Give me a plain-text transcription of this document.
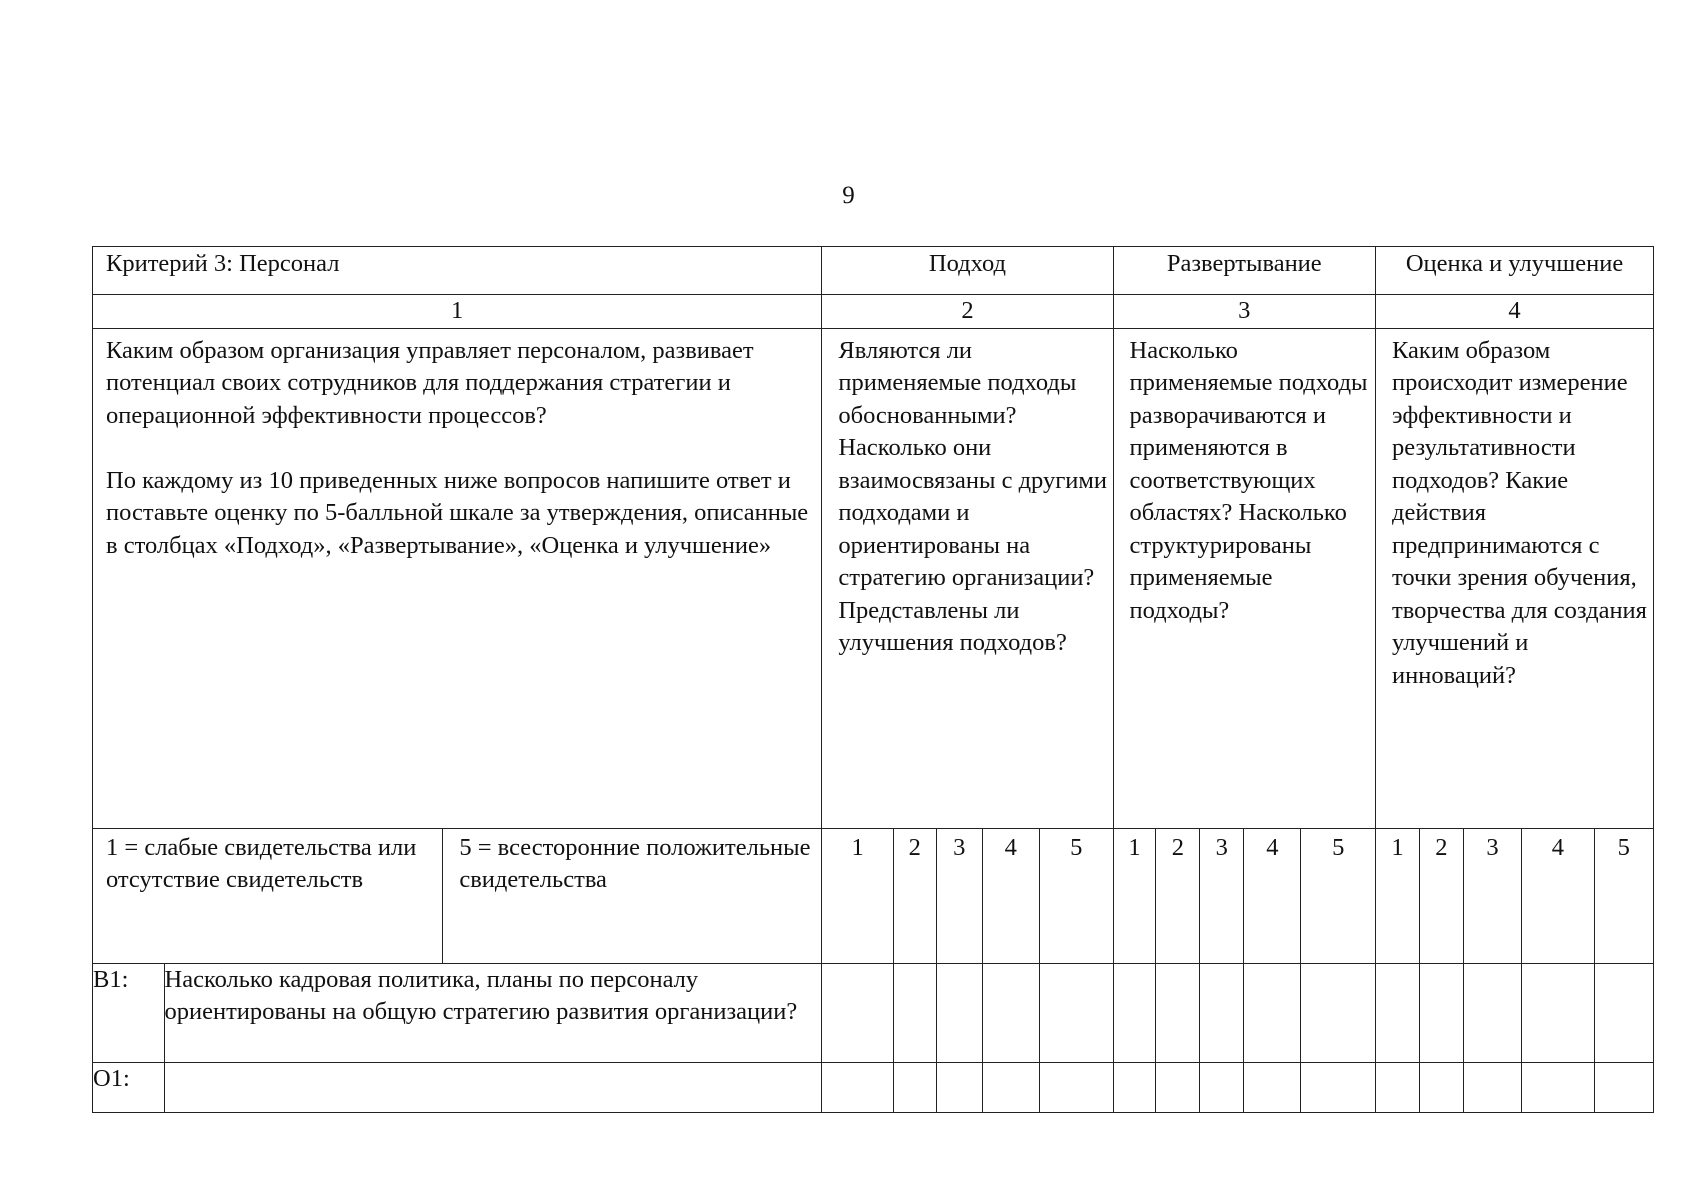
9
Критерий 3: Персонал			Подход					Развертывание					Оценка и улучшение				
1			2					3					4				

Каким образом организация управляет персоналом, развивает потенциал своих сотрудников для поддержания стратегии и операционной эффективности процессов?
По каждому из 10 приведенных ниже вопросов напишите ответ и поставьте оценку по 5-балльной шкале за утверждения, описанные в столбцах «Подход», «Развертывание», «Оценка и улучшение»			Являются ли применяемые подходы обоснованными? Насколько они взаимосвязаны с другими подходами и ориентированы на стратегию организации? Представлены ли улучшения подходов?					Насколько применяемые подходы разворачиваются и применяются в соответствующих областях? Насколько структурированы применяемые подходы?					Каким образом происходит измерение эффективности и результативности подходов? Какие действия предпринимаются с точки зрения обучения, творчества для создания улучшений и инноваций?				
1 = слабые свидетельства или отсутствие свидетельств		5 = всесторонние положительные свидетельства	1	2	3	4	5	1	2	3	4	5	1	2	3	4	5
В1:	Насколько кадровая политика, планы по персоналу ориентированы на общую стратегию развития организации?																
О1:																	
